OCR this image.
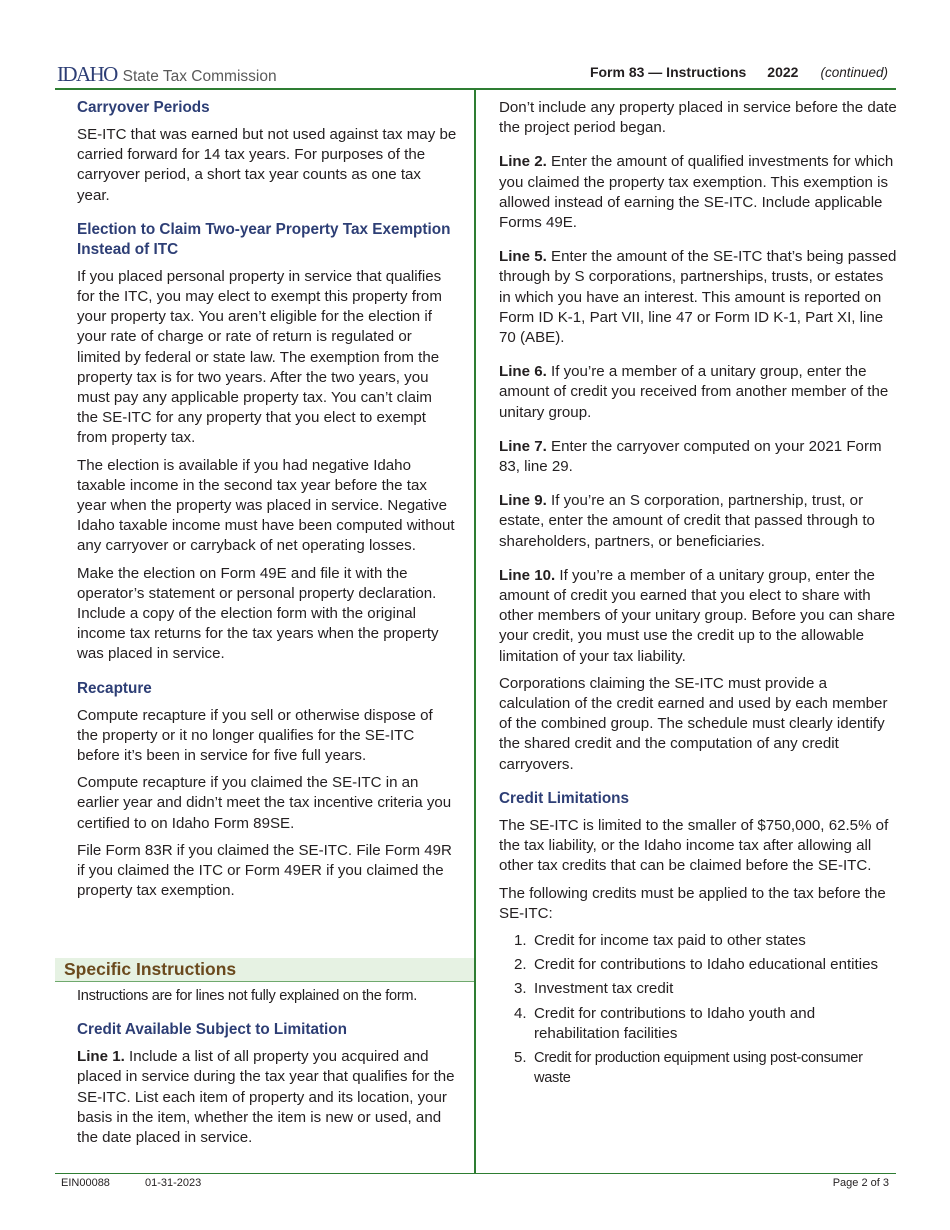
IDAHO State Tax Commission	Form 83 — Instructions 2022 (continued)
Carryover Periods

SE-ITC that was earned but not used against tax may be carried forward for 14 tax years. For purposes of the carryover period, a short tax year counts as one tax year.

Election to Claim Two-year Property Tax Exemption Instead of ITC

If you placed personal property in service that qualifies for the ITC, you may elect to exempt this property from your property tax. You aren’t eligible for the election if your rate of charge or rate of return is regulated or limited by federal or state law. The exemption from the property tax is for two years. After the two years, you must pay any applicable property tax. You can’t claim the SE-ITC for any property that you elect to exempt from property tax.

The election is available if you had negative Idaho taxable income in the second tax year before the tax year when the property was placed in service. Negative Idaho taxable income must have been computed without any carryover or carryback of net operating losses.

Make the election on Form 49E and file it with the operator’s statement or personal property declaration. Include a copy of the election form with the original income tax returns for the tax years when the property was placed in service.

Recapture

Compute recapture if you sell or otherwise dispose of the property or it no longer qualifies for the SE-ITC before it’s been in service for five full years.

Compute recapture if you claimed the SE-ITC in an earlier year and didn’t meet the tax incentive criteria you certified to on Idaho Form 89SE.

File Form 83R if you claimed the SE-ITC. File Form 49R if you claimed the ITC or Form 49ER if you claimed the property tax exemption.

Specific Instructions

Instructions are for lines not fully explained on the form.

Credit Available Subject to Limitation

Line 1. Include a list of all property you acquired and placed in service during the tax year that qualifies for the SE-ITC. List each item of property and its location, your basis in the item, whether the item is new or used, and the date placed in service.

Don’t include any property placed in service before the date the project period began.

Line 2. Enter the amount of qualified investments for which you claimed the property tax exemption. This exemption is allowed instead of earning the SE-ITC. Include applicable Forms 49E.

Line 5. Enter the amount of the SE-ITC that’s being passed through by S corporations, partnerships, trusts, or estates in which you have an interest. This amount is reported on Form ID K-1, Part VII, line 47 or Form ID K-1, Part XI, line 70 (ABE).

Line 6. If you’re a member of a unitary group, enter the amount of credit you received from another member of the unitary group.

Line 7. Enter the carryover computed on your 2021 Form 83, line 29.

Line 9. If you’re an S corporation, partnership, trust, or estate, enter the amount of credit that passed through to shareholders, partners, or beneficiaries.

Line 10. If you’re a member of a unitary group, enter the amount of credit you earned that you elect to share with other members of your unitary group. Before you can share your credit, you must use the credit up to the allowable limitation of your tax liability.

Corporations claiming the SE-ITC must provide a calculation of the credit earned and used by each member of the combined group. The schedule must clearly identify the shared credit and the computation of any credit carryovers.

Credit Limitations

The SE-ITC is limited to the smaller of $750,000, 62.5% of the tax liability, or the Idaho income tax after allowing all other tax credits that can be claimed before the SE-ITC.

The following credits must be applied to the tax before the SE-ITC:

1. Credit for income tax paid to other states
2. Credit for contributions to Idaho educational entities
3. Investment tax credit
4. Credit for contributions to Idaho youth and rehabilitation facilities
5. Credit for production equipment using post-consumer waste
EIN00088	01-31-2023	Page 2 of 3
